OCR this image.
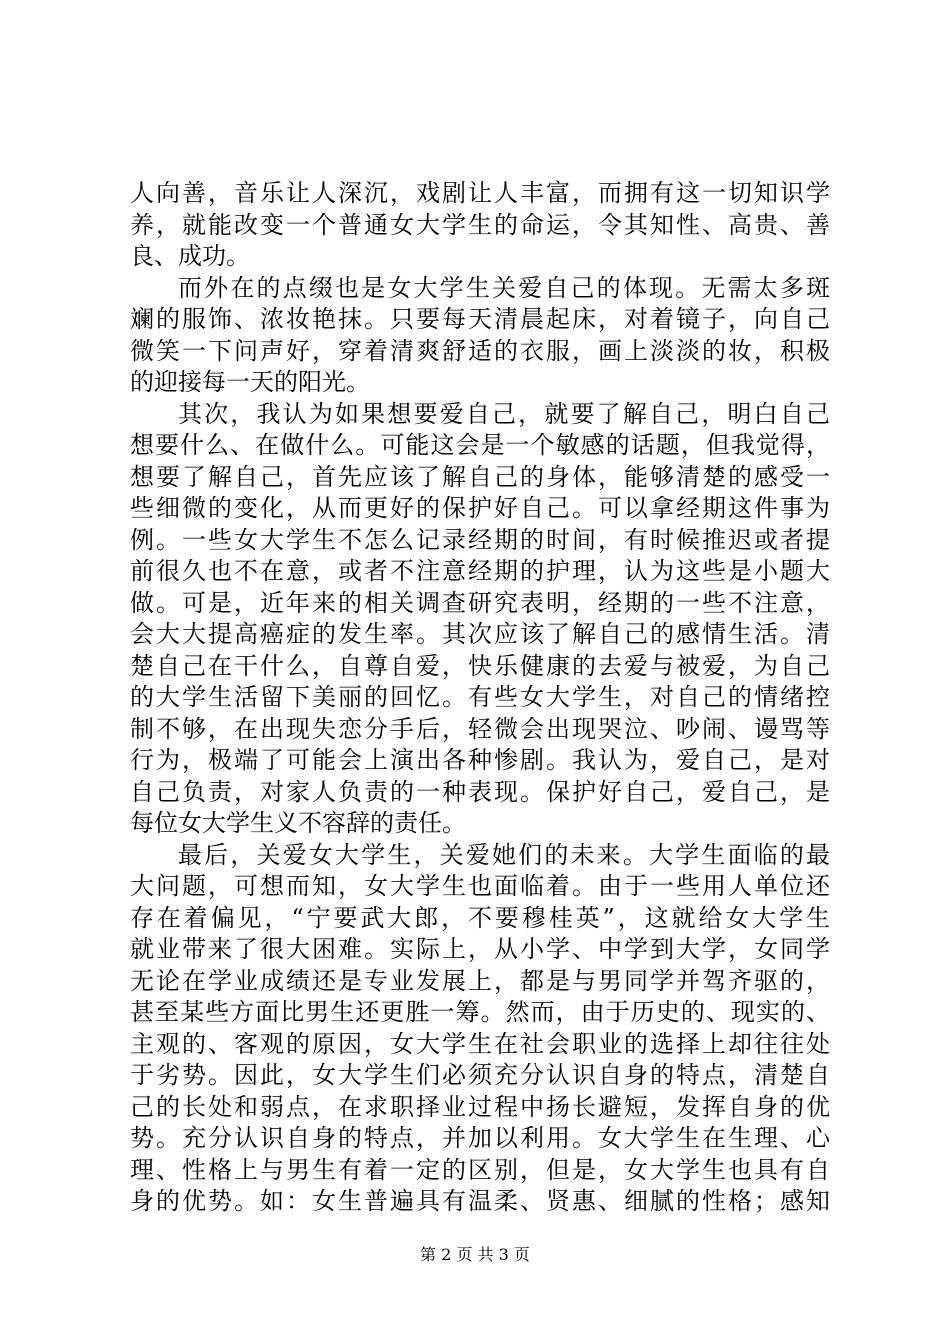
人向善，音乐让人深沉，戏剧让人丰富，而拥有这一切知识学
养，就能改变一个普通女大学生的命运，令其知性、高贵、善
良、成功。
而外在的点缀也是女大学生关爱自己的体现。无需太多斑
斓的服饰、浓妆艳抹。只要每天清晨起床，对着镜子，向自己
微笑一下问声好，穿着清爽舒适的衣服，画上淡淡的妆，积极
的迎接每一天的阳光。
其次，我认为如果想要爱自己，就要了解自己，明白自己
想要什么、在做什么。可能这会是一个敏感的话题，但我觉得，
想要了解自己，首先应该了解自己的身体，能够清楚的感受一
些细微的变化，从而更好的保护好自己。可以拿经期这件事为
例。一些女大学生不怎么记录经期的时间，有时候推迟或者提
前很久也不在意，或者不注意经期的护理，认为这些是小题大
做。可是，近年来的相关调查研究表明，经期的一些不注意，
会大大提高癌症的发生率。其次应该了解自己的感情生活。清
楚自己在干什么，自尊自爱，快乐健康的去爱与被爱，为自己
的大学生活留下美丽的回忆。有些女大学生，对自己的情绪控
制不够，在出现失恋分手后，轻微会出现哭泣、吵闹、谩骂等
行为，极端了可能会上演出各种惨剧。我认为，爱自己，是对
自己负责，对家人负责的一种表现。保护好自己，爱自己，是
每位女大学生义不容辞的责任。
最后，关爱女大学生，关爱她们的未来。大学生面临的最
大问题，可想而知，女大学生也面临着。由于一些用人单位还
存在着偏见，“宁要武大郎，不要穆桂英”，这就给女大学生
就业带来了很大困难。实际上，从小学、中学到大学，女同学
无论在学业成绩还是专业发展上，都是与男同学并驾齐驱的，
甚至某些方面比男生还更胜一筹。然而，由于历史的、现实的、
主观的、客观的原因，女大学生在社会职业的选择上却往往处
于劣势。因此，女大学生们必须充分认识自身的特点，清楚自
己的长处和弱点，在求职择业过程中扬长避短，发挥自身的优
势。充分认识自身的特点，并加以利用。女大学生在生理、心
理、性格上与男生有着一定的区别，但是，女大学生也具有自
身的优势。如：女生普遍具有温柔、贤惠、细腻的性格；感知
第 2 页 共 3 页
